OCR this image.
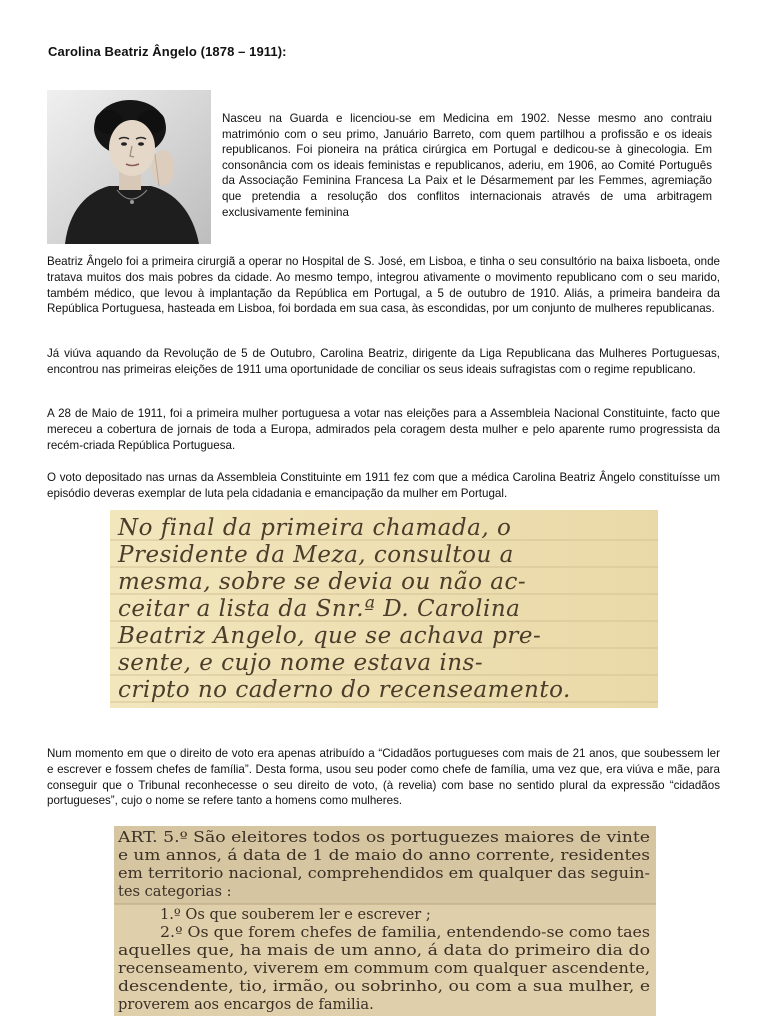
Carolina Beatriz Ângelo (1878 – 1911):
Nasceu na Guarda e licenciou-se em Medicina em 1902. Nesse mesmo ano contraiu matrimónio com o seu primo, Januário Barreto, com quem partilhou a profissão e os ideais republicanos. Foi pioneira na prática cirúrgica em Portugal e dedicou-se à ginecologia. Em consonância com os ideais feministas e republicanos, aderiu, em 1906, ao Comité Português da Associação Feminina Francesa La Paix et le Désarmement par les Femmes, agremiação que pretendia a resolução dos conflitos internacionais através de uma arbitragem exclusivamente feminina
Beatriz Ângelo foi a primeira cirurgiã a operar no Hospital de S. José, em Lisboa, e tinha o seu consultório na baixa lisboeta, onde tratava muitos dos mais pobres da cidade. Ao mesmo tempo, integrou ativamente o movimento republicano com o seu marido, também médico, que levou à implantação da República em Portugal, a 5 de outubro de 1910. Aliás, a primeira bandeira da República Portuguesa, hasteada em Lisboa, foi bordada em sua casa, às escondidas, por um conjunto de mulheres republicanas.
Já viúva aquando da Revolução de 5 de Outubro, Carolina Beatriz, dirigente da Liga Republicana das Mulheres Portuguesas, encontrou nas primeiras eleições de 1911 uma oportunidade de conciliar os seus ideais sufragistas com o regime republicano.
A 28 de Maio de 1911, foi a primeira mulher portuguesa a votar nas eleições para a Assembleia Nacional Constituinte, facto que mereceu a cobertura de jornais de toda a Europa, admirados pela coragem desta mulher e pelo aparente rumo progressista da recém-criada República Portuguesa.
O voto depositado nas urnas da Assembleia Constituinte em 1911 fez com que a médica Carolina Beatriz Ângelo constituísse um episódio deveras exemplar de luta pela cidadania e emancipação da mulher em Portugal.
No final da primeira chamada, o
Presidente da Meza, consultou a
mesma, sobre se devia ou não ac-
ceitar a lista da Snr.ª D. Carolina
Beatriz Angelo, que se achava pre-
sente, e cujo nome estava ins-
cripto no caderno do recenseamento.
Num momento em que o direito de voto era apenas atribuído a “Cidadãos portugueses com mais de 21 anos, que soubessem ler e escrever e fossem chefes de família”. Desta forma, usou seu poder como chefe de família, uma vez que, era viúva e mãe, para conseguir que o Tribunal reconhecesse o seu direito de voto, (à revelia) com base no sentido plural da expressão “cidadãos portugueses”, cujo o nome se refere tanto a homens como mulheres.
ART. 5.º São eleitores todos os portuguezes maiores de vinte
e um annos, á data de 1 de maio do anno corrente, residentes
em territorio nacional, comprehendidos em qualquer das seguin-
tes categorias :
1.º Os que souberem ler e escrever ;
2.º Os que forem chefes de familia, entendendo-se como taes
aquelles que, ha mais de um anno, á data do primeiro dia do
recenseamento, viverem em commum com qualquer ascendente,
descendente, tio, irmão, ou sobrinho, ou com a sua mulher, e
proverem aos encargos de familia.
